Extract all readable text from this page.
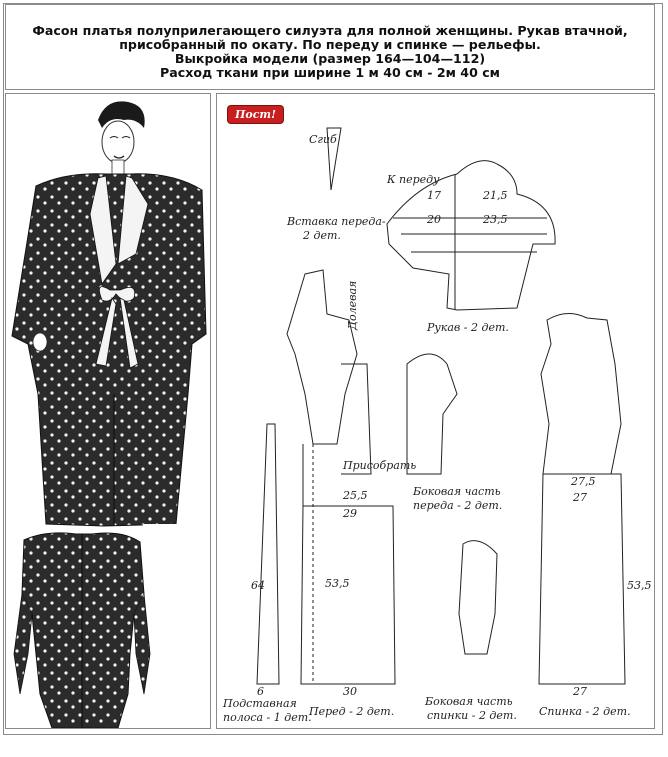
Фасон платья полуприлегающего силуэта для полной женщины. Рукав втачной,
присобранный по окату. По переду и спинке — рельефы.
Выкройка модели (размер 164—104—112)
Расход ткани при ширине 1 м 40 см - 2м 40 см
Пост!
Вставка переда-
2 дет.
Рукав - 2 дет.
Боковая часть
переда - 2 дет.
Боковая часть
спинки - 2 дет.
Перед - 2 дет.	Спинка - 2 дет.
Подставная
полоса - 1 дет.
Присобрать
Долевая
К переду
Сгиб
17
20
21,5
23,5
25,5
29
30
53,5
27,5
27
27
53,5
64
6
